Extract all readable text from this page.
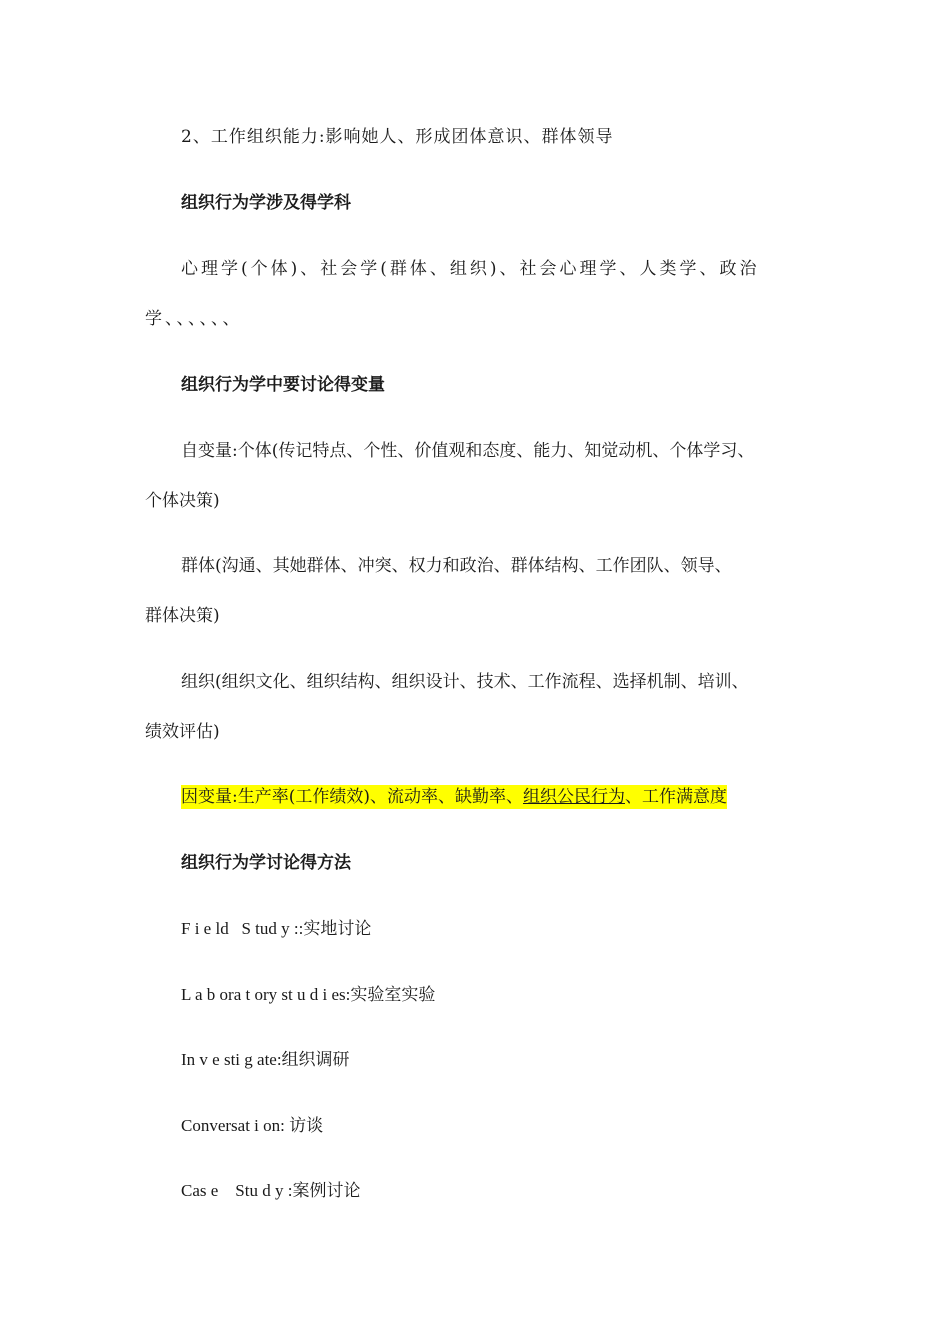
2、工作组织能力:影响她人、形成团体意识、群体领导
组织行为学涉及得学科
心理学(个体)、社会学(群体、组织)、社会心理学、人类学、政治
学、、、、、、
组织行为学中要讨论得变量
自变量:个体(传记特点、个性、价值观和态度、能力、知觉动机、个体学习、
个体决策)
群体(沟通、其她群体、冲突、权力和政治、群体结构、工作团队、领导、
群体决策)
组织(组织文化、组织结构、组织设计、技术、工作流程、选择机制、培训、
绩效评估)
因变量:生产率(工作绩效)、流动率、缺勤率、组织公民行为、工作满意度
组织行为学讨论得方法
F i e ld   S tud y ::实地讨论
L a b ora t ory st u d i es:实验室实验
In v e sti g ate:组织调研
Conversat i on: 访谈
Cas e    Stu d y :案例讨论
